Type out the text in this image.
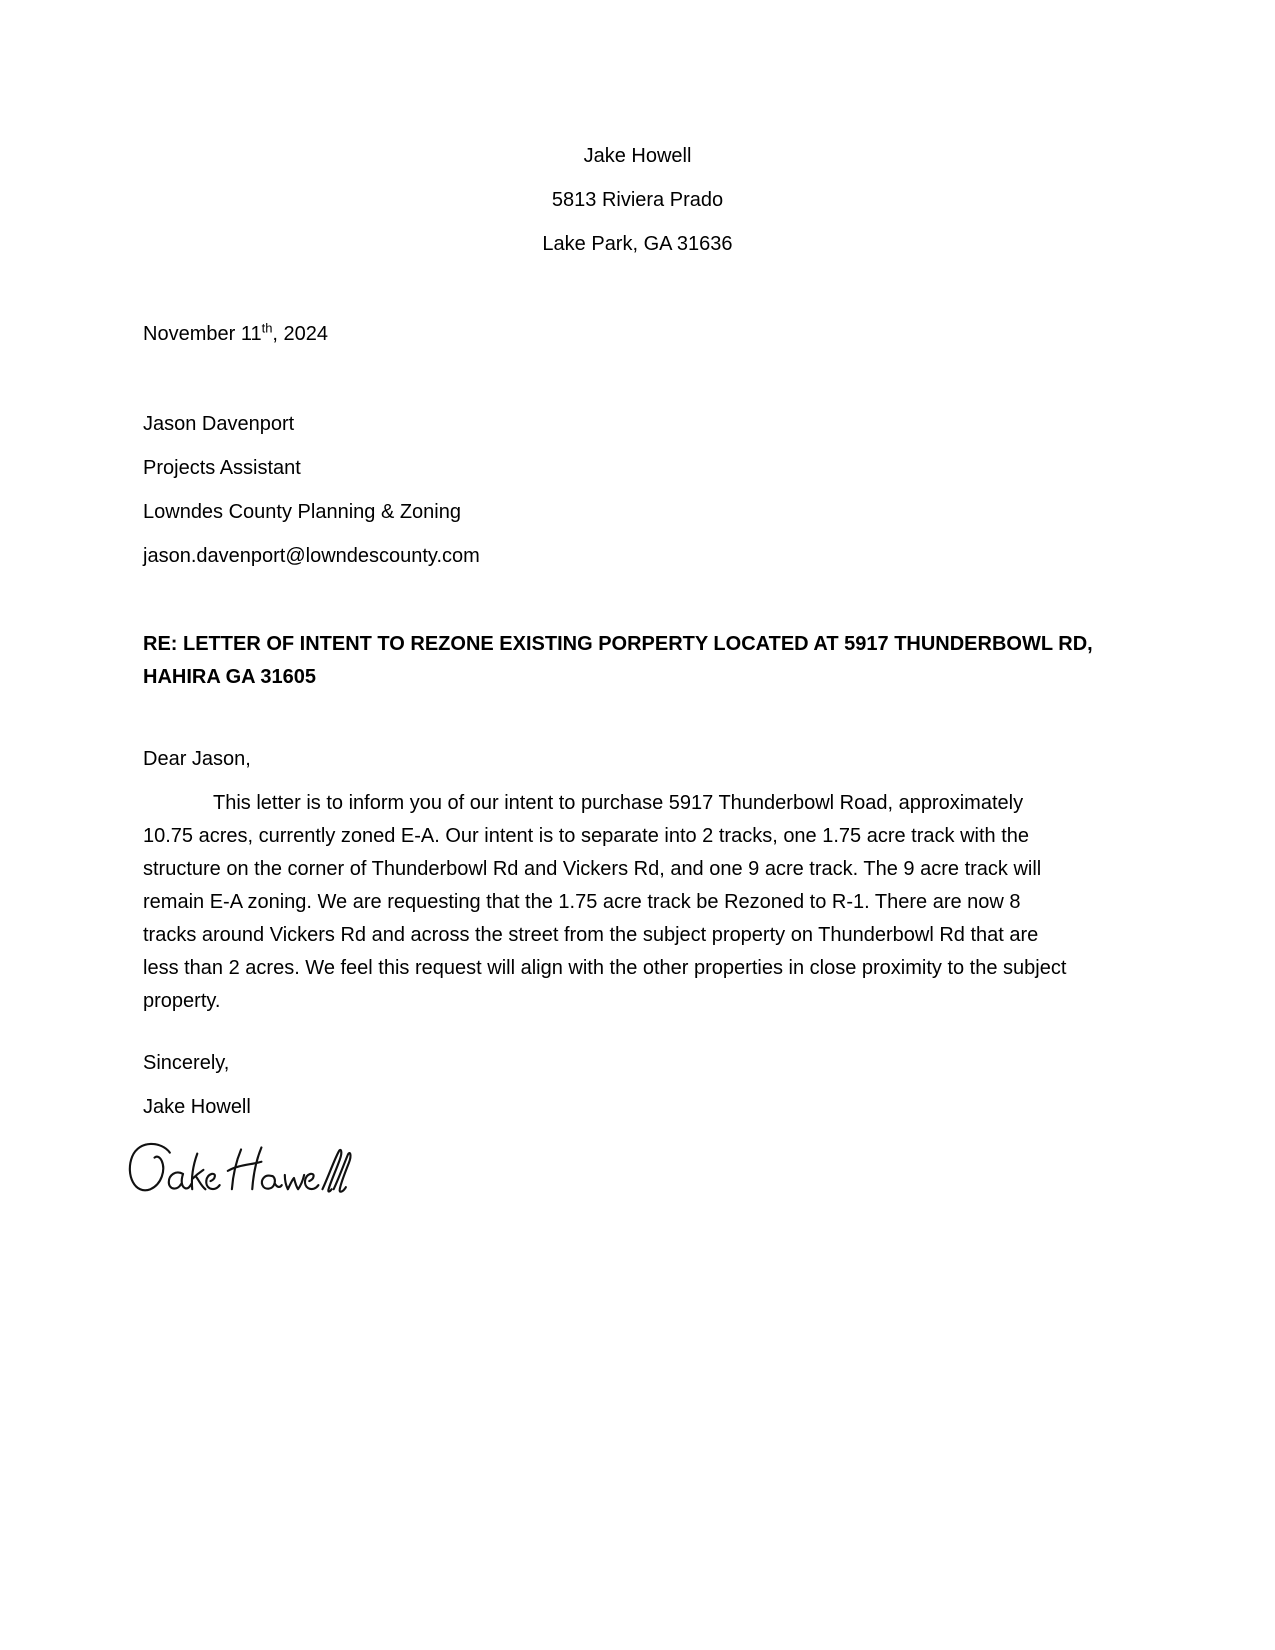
Jake Howell

5813 Riviera Prado

Lake Park, GA 31636

November 11th, 2024

Jason Davenport

Projects Assistant

Lowndes County Planning & Zoning

jason.davenport@lowndescounty.com

RE: LETTER OF INTENT TO REZONE EXISTING PORPERTY LOCATED AT 5917 THUNDERBOWL RD, HAHIRA GA 31605

Dear Jason,

This letter is to inform you of our intent to purchase 5917 Thunderbowl Road, approximately 10.75 acres, currently zoned E-A. Our intent is to separate into 2 tracks, one 1.75 acre track with the structure on the corner of Thunderbowl Rd and Vickers Rd, and one 9 acre track. The 9 acre track will remain E-A zoning. We are requesting that the 1.75 acre track be Rezoned to R-1. There are now 8 tracks around Vickers Rd and across the street from the subject property on Thunderbowl Rd that are less than 2 acres. We feel this request will align with the other properties in close proximity to the subject property.

Sincerely,

Jake Howell
